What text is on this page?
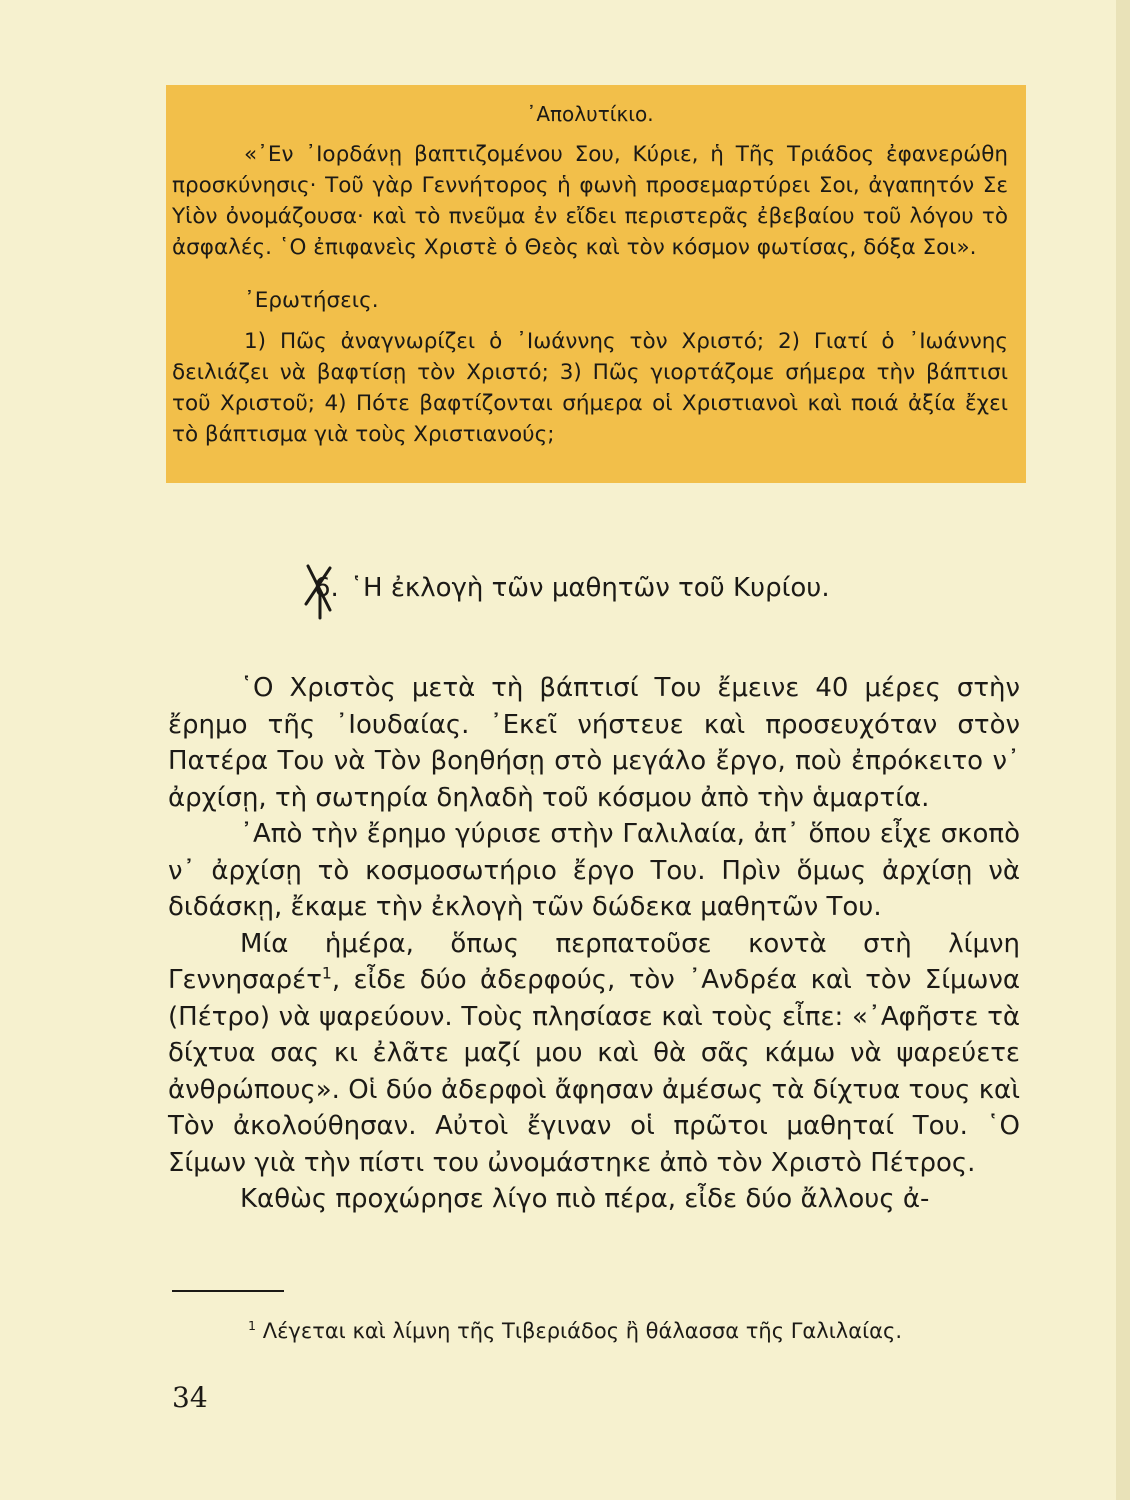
᾿Απολυτίκιο.

«᾿Εν ᾿Ιορδάνῃ βαπτιζομένου Σου, Κύριε, ἡ Τῆς Τριάδος ἐφανερώθη προσκύνησις· Τοῦ γὰρ Γεννήτορος ἡ φωνὴ προσεμαρτύρει Σοι, ἀγαπητόν Σε Υἱὸν ὀνομάζουσα· καὶ τὸ πνεῦμα ἐν εἴδει περιστερᾶς ἐβεβαίου τοῦ λόγου τὸ ἀσφαλές. ῾Ο ἐπιφανεὶς Χριστὲ ὁ Θεὸς καὶ τὸν κόσμον φωτίσας, δόξα Σοι».

᾿Ερωτήσεις.

1) Πῶς ἀναγνωρίζει ὁ ᾿Ιωάννης τὸν Χριστό; 2) Γιατί ὁ ᾿Ιωάννης δειλιάζει νὰ βαφτίσῃ τὸν Χριστό; 3) Πῶς γιορτάζομε σήμερα τὴν βάπτισι τοῦ Χριστοῦ; 4) Πότε βαφτίζονται σήμερα οἱ Χριστιανοὶ καὶ ποιά ἀξία ἔχει τὸ βάπτισμα γιὰ τοὺς Χριστιανούς;

6. ῾Η ἐκλογὴ τῶν μαθητῶν τοῦ Κυρίου.

῾Ο Χριστὸς μετὰ τὴ βάπτισί Του ἔμεινε 40 μέρες στὴν ἔρημο τῆς ᾿Ιουδαίας. ᾿Εκεῖ νήστευε καὶ προσευχόταν στὸν Πατέρα Του νὰ Τὸν βοηθήσῃ στὸ μεγάλο ἔργο, ποὺ ἐπρόκειτο ν᾿ ἀρχίσῃ, τὴ σωτηρία δηλαδὴ τοῦ κόσμου ἀπὸ τὴν ἁμαρτία.

᾿Απὸ τὴν ἔρημο γύρισε στὴν Γαλιλαία, ἀπ᾿ ὅπου εἶχε σκοπὸ ν᾿ ἀρχίσῃ τὸ κοσμοσωτήριο ἔργο Του. Πρὶν ὅμως ἀρχίσῃ νὰ διδάσκῃ, ἔκαμε τὴν ἐκλογὴ τῶν δώδεκα μαθητῶν Του.

Μία ἡμέρα, ὅπως περπατοῦσε κοντὰ στὴ λίμνη Γεννησαρέτ$^1$, εἶδε δύο ἀδερφούς, τὸν ᾿Ανδρέα καὶ τὸν Σίμωνα (Πέτρο) νὰ ψαρεύουν. Τοὺς πλησίασε καὶ τοὺς εἶπε: «᾿Αφῆστε τὰ δίχτυα σας κι ἐλᾶτε μαζί μου καὶ θὰ σᾶς κάμω νὰ ψαρεύετε ἀνθρώπους». Οἱ δύο ἀδερφοὶ ἄφησαν ἀμέσως τὰ δίχτυα τους καὶ Τὸν ἀκολούθησαν. Αὐτοὶ ἔγιναν οἱ πρῶτοι μαθηταί Του. ῾Ο Σίμων γιὰ τὴν πίστι του ὠνομάστηκε ἀπὸ τὸν Χριστὸ Πέτρος.

Καθὼς προχώρησε λίγο πιὸ πέρα, εἶδε δύο ἄλλους ἀ-

$^1$ Λέγεται καὶ λίμνη τῆς Τιβεριάδος ἢ θάλασσα τῆς Γαλιλαίας.
34
